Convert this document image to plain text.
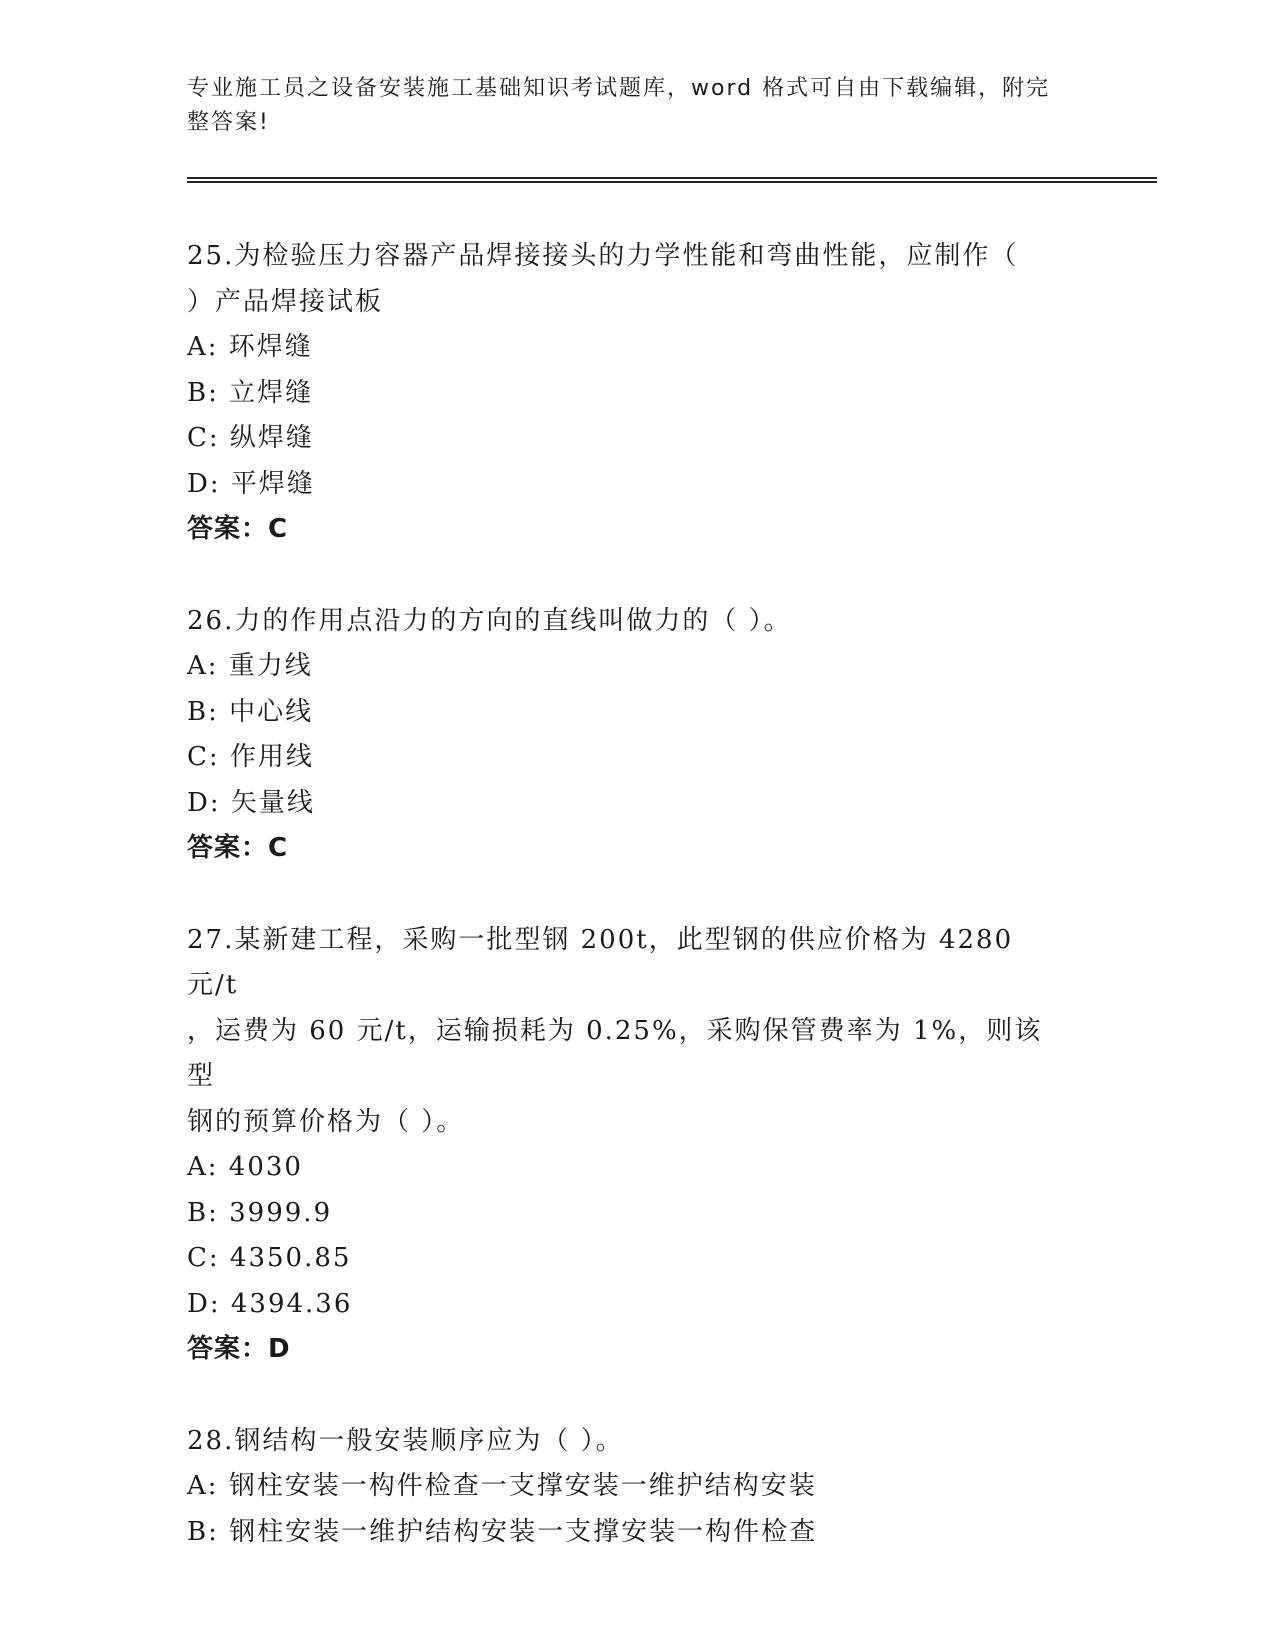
专业施工员之设备安装施工基础知识考试题库，word 格式可自由下载编辑，附完
整答案!
25.为检验压力容器产品焊接接头的力学性能和弯曲性能，应制作（
）产品焊接试板
A: 环焊缝
B: 立焊缝
C: 纵焊缝
D: 平焊缝
答案：C
26.力的作用点沿力的方向的直线叫做力的（ ）。
A: 重力线
B: 中心线
C: 作用线
D: 矢量线
答案：C
27.某新建工程，采购一批型钢 200t，此型钢的供应价格为 4280 元/t
，运费为 60 元/t，运输损耗为 0.25%，采购保管费率为 1%，则该型
钢的预算价格为（ ）。
A: 4030
B: 3999.9
C: 4350.85
D: 4394.36
答案：D
28.钢结构一般安装顺序应为（ ）。
A: 钢柱安装一构件检查一支撑安装一维护结构安装
B: 钢柱安装一维护结构安装一支撑安装一构件检查
